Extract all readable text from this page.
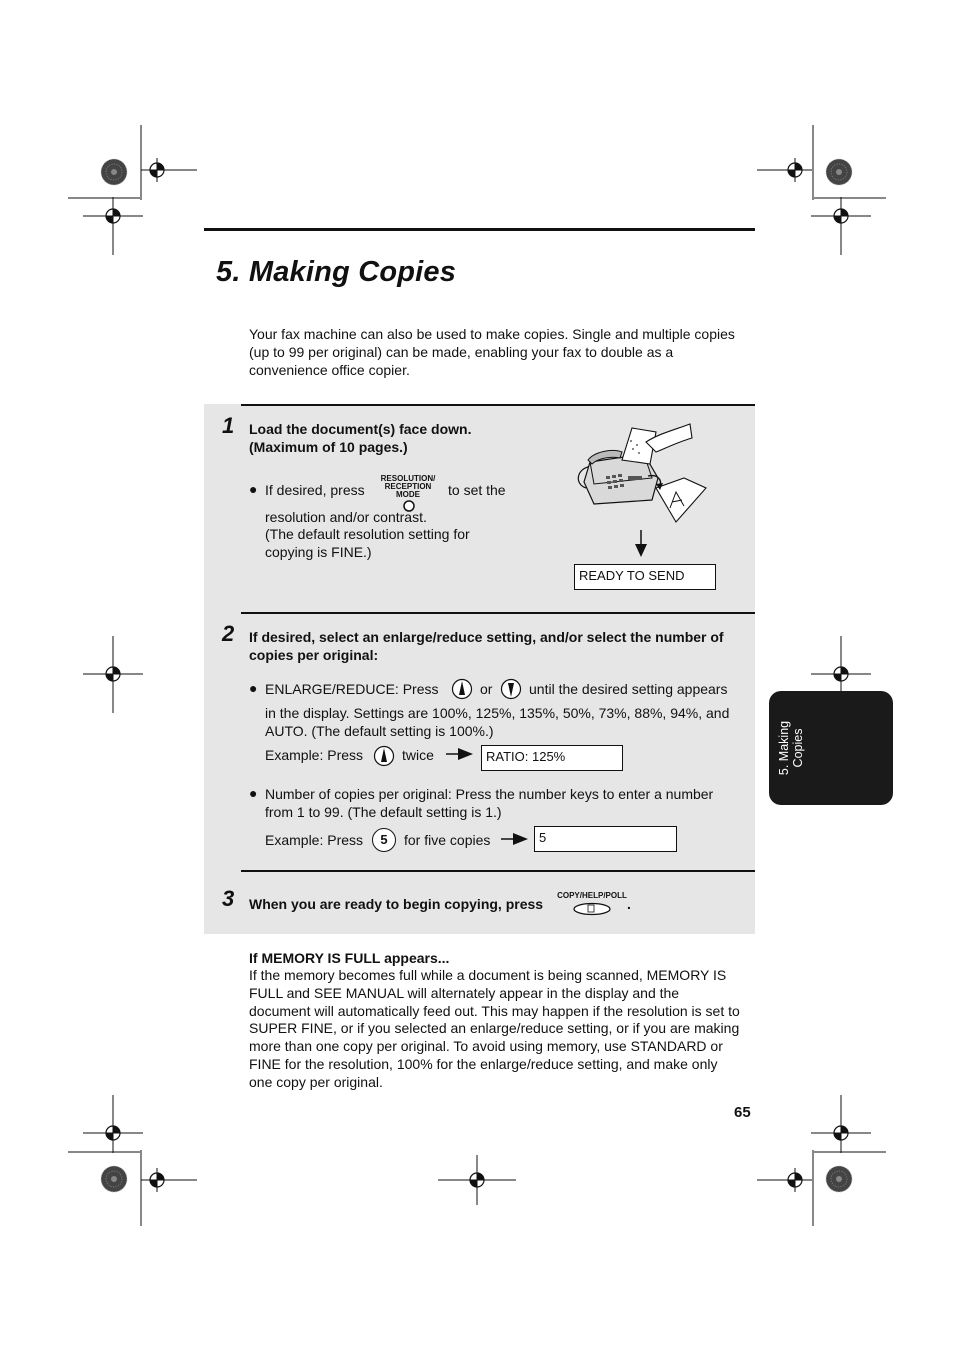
5. Making Copies
Your fax machine can also be used to make copies. Single and multiple copies (up to 99 per original) can be made, enabling your fax to double as a convenience office copier.
1 Load the document(s) face down.
(Maximum of 10 pages.)
● If desired, press
RESOLUTION/
RECEPTION MODE	to set the
resolution and/or contrast.
(The default resolution setting for
copying is FINE.)
READY TO SEND
2 If desired, select an enlarge/reduce setting, and/or select the number of copies per original:
● ENLARGE/REDUCE: Press	or	until the desired setting appears
in the display. Settings are 100%, 125%, 135%, 50%, 73%, 88%, 94%, and AUTO. (The default setting is 100%.)
Example: Press	twice	RATIO: 125%
● Number of copies per original: Press the number keys to enter a number from 1 to 99. (The default setting is 1.)
Example: Press	5	for five copies	5
3 When you are ready to begin copying, press
COPY/HELP/POLL
.
If MEMORY IS FULL appears...
If the memory becomes full while a document is being scanned, MEMORY IS FULL and SEE MANUAL will alternately appear in the display and the document will automatically feed out. This may happen if the resolution is set to SUPER FINE, or if you selected an enlarge/reduce setting, or if you are making more than one copy per original. To avoid using memory, use STANDARD or FINE for the resolution, 100% for the enlarge/reduce setting, and make only one copy per original.
65
5. Making
Copies
